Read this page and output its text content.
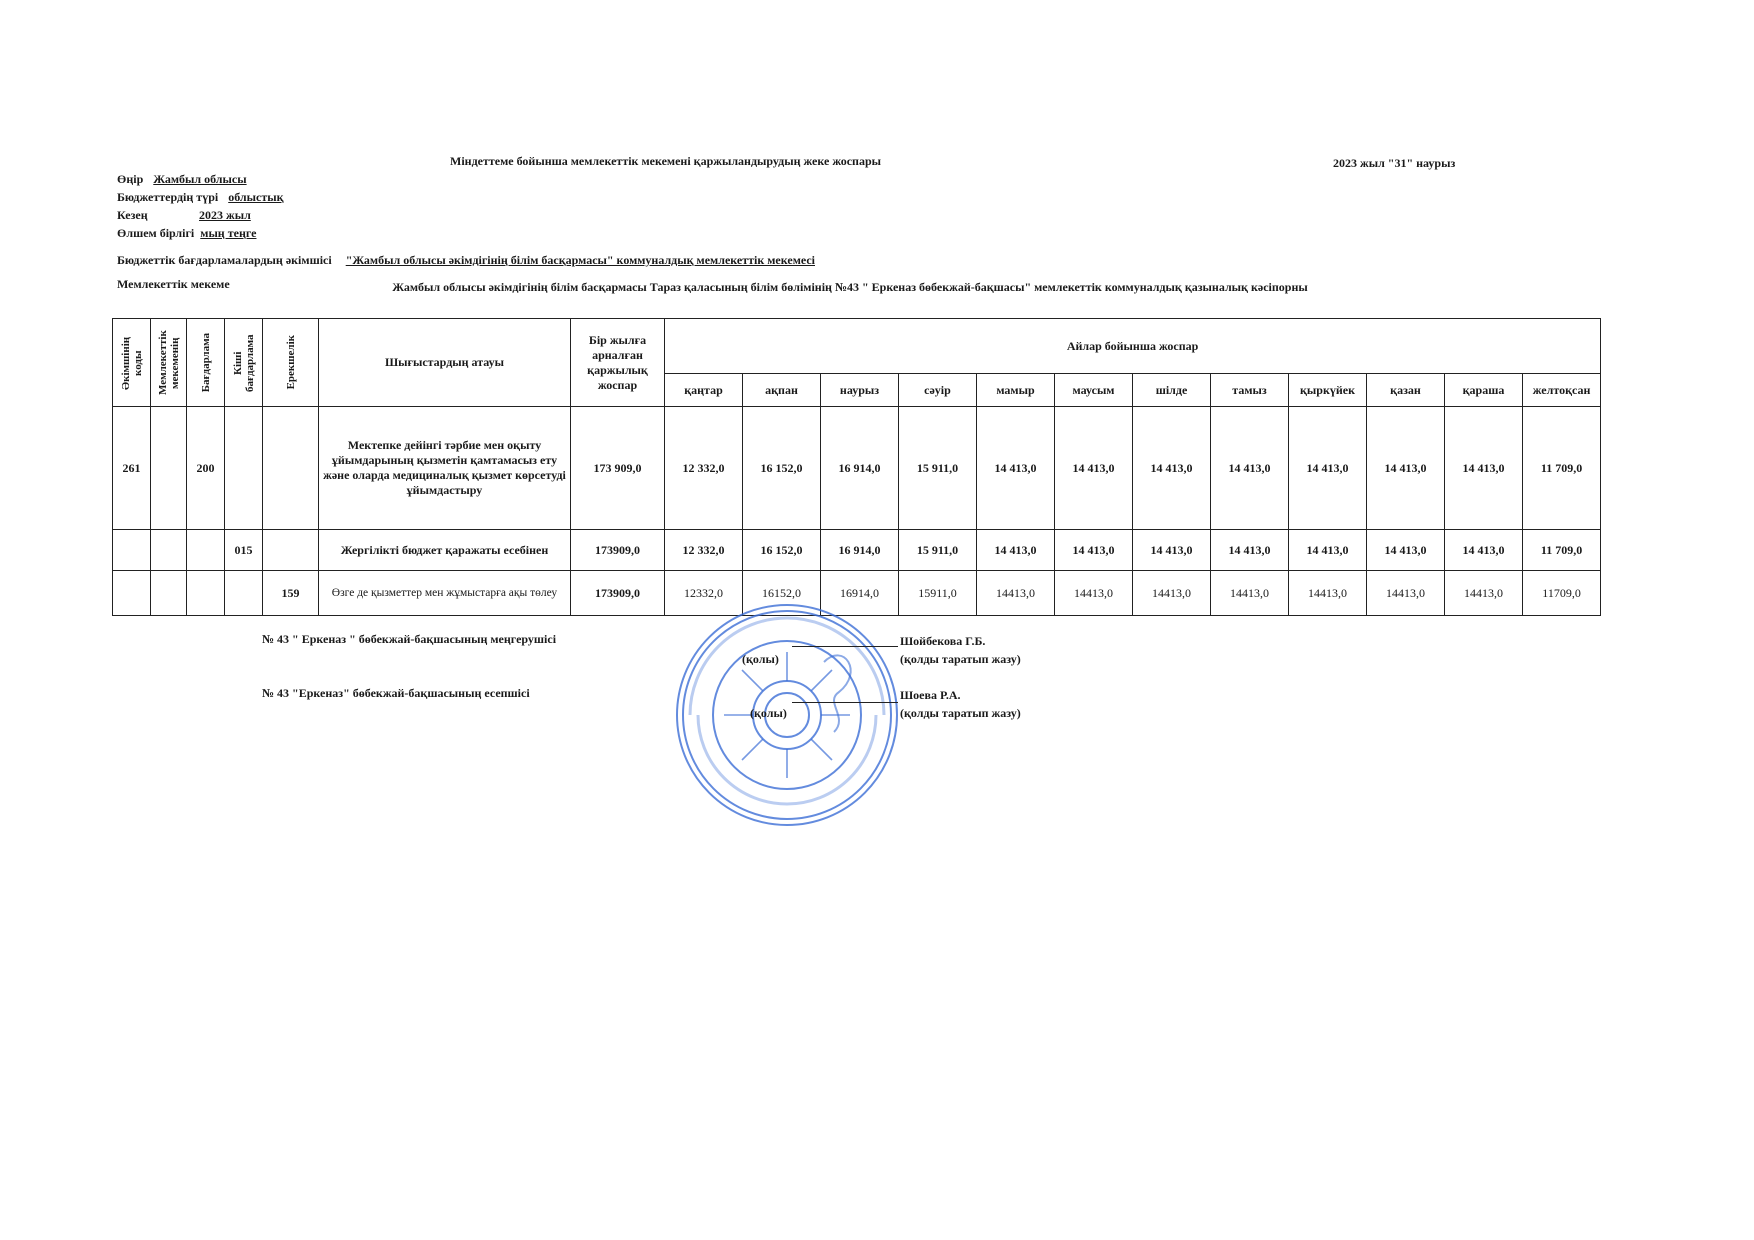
Міндеттеме бойынша мемлекеттік мекемені қаржыландырудың жеке жоспары	2023 жыл "31" наурыз
Өңір Жамбыл облысы
Бюджеттердің түрі облыстық
Кезең	2023 жыл
Өлшем бірлігі мың теңге
Бюджеттік бағдарламалардың әкімшісі "Жамбыл облысы әкімдігінің білім басқармасы" коммуналдық мемлекеттік мекемесі
Мемлекеттік мекеме	Жамбыл облысы әкімдігінің білім басқармасы Тараз қаласының білім бөлімінің №43 " Еркеназ бөбекжай-бақшасы" мемлекеттік коммуналдық қазыналық кәсіпорны
Әкімшінің коды	Мемлекеттік мекеменің	Бағдарлама	Кіші бағдарлама	Ерекшелік	Шығыстардың атауы	Бір жылға арналған қаржылық жоспар	Айлар бойынша жоспар											
							қаңтар	ақпан	наурыз	сәуір	мамыр	маусым	шілде	тамыз	қыркүйек	қазан	қараша	желтоқсан
261		200			Мектепке дейінгі тәрбие мен оқыту ұйымдарының қызметін қамтамасыз ету және оларда медициналық қызмет көрсетуді ұйымдастыру	173 909,0	12 332,0	16 152,0	16 914,0	15 911,0	14 413,0	14 413,0	14 413,0	14 413,0	14 413,0	14 413,0	14 413,0	11 709,0
			015		Жергілікті бюджет қаражаты есебінен	173909,0	12 332,0	16 152,0	16 914,0	15 911,0	14 413,0	14 413,0	14 413,0	14 413,0	14 413,0	14 413,0	14 413,0	11 709,0
				159	Өзге де қызметтер мен жұмыстарға ақы төлеу	173909,0	12332,0	16152,0	16914,0	15911,0	14413,0	14413,0	14413,0	14413,0	14413,0	14413,0	14413,0	11709,0
№ 43 " Еркеназ " бөбекжай-бақшасының меңгерушісі
(қолы)
Шойбекова Г.Б.
(қолды таратып жазу)
№ 43 "Еркеназ" бөбекжай-бақшасының есепшісі
(қолы)
Шоева Р.А.
(қолды таратып жазу)
